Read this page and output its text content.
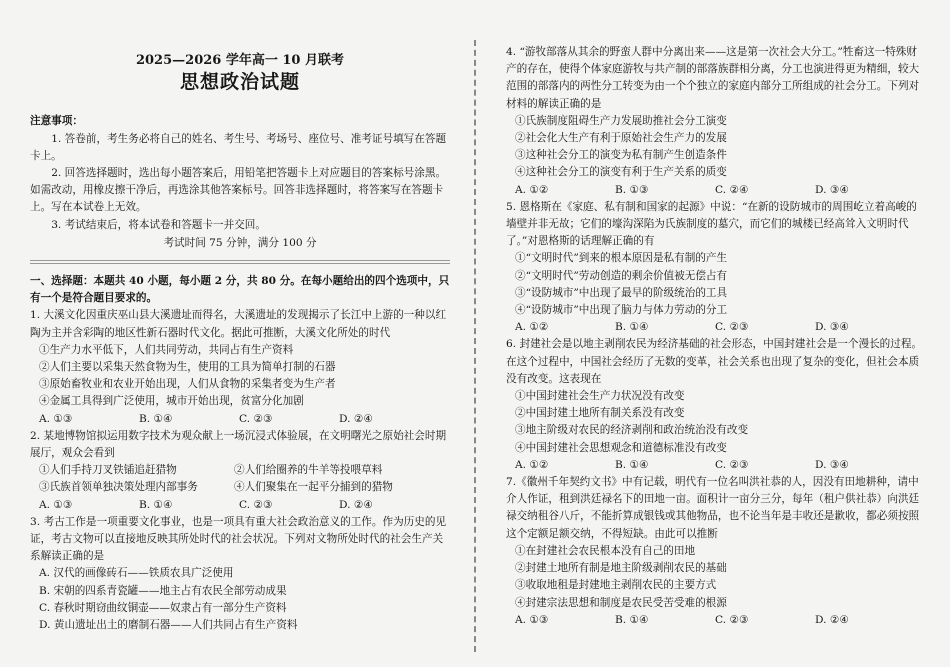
2025—2026 学年高一 10 月联考
思想政治试题
注意事项：

1. 答卷前，考生务必将自己的姓名、考生号、考场号、座位号、准考证号填写在答题卡上。

2. 回答选择题时，选出每小题答案后，用铅笔把答题卡上对应题目的答案标号涂黑。如需改动，用橡皮擦干净后，再选涂其他答案标号。回答非选择题时，将答案写在答题卡上。写在本试卷上无效。

3. 考试结束后，将本试卷和答题卡一并交回。

考试时间 75 分钟，满分 100 分

一、选择题：本题共 40 小题，每小题 2 分，共 80 分。在每小题给出的四个选项中，只有一个是符合题目要求的。

1. 大溪文化因重庆巫山县大溪遗址而得名，大溪遗址的发现揭示了长江中上游的一种以红陶为主并含彩陶的地区性新石器时代文化。据此可推断，大溪文化所处的时代

①生产力水平低下，人们共同劳动，共同占有生产资料

②人们主要以采集天然食物为生，使用的工具为简单打制的石器

③原始畜牧业和农业开始出现，人们从食物的采集者变为生产者

④金属工具得到广泛使用，城市开始出现，贫富分化加剧

A. ①③	B. ①④	C. ②③	D. ②④

2. 某地博物馆拟运用数字技术为观众献上一场沉浸式体验展，在文明曙光之原始社会时期展厅，观众会看到

①人们手持刀叉铁锸追赶猎物	②人们给圈养的牛羊等投喂草料
③氏族首领单独决策处理内部事务	④人们聚集在一起平分捕到的猎物
A. ①③	B. ①④	C. ②③	D. ②④

3. 考古工作是一项重要文化事业，也是一项具有重大社会政治意义的工作。作为历史的见证，考古文物可以直接地反映其所处时代的社会状况。下列对文物所处时代的社会生产关系解读正确的是

A. 汉代的画像砖石——铁质农具广泛使用

B. 宋朝的四系青瓷罐——地主占有农民全部劳动成果

C. 春秋时期窃曲纹铜壶——奴隶占有一部分生产资料

D. 黄山遗址出土的磨制石器——人们共同占有生产资料

4. “游牧部落从其余的野蛮人群中分离出来——这是第一次社会大分工。”牲畜这一特殊财产的存在，使得个体家庭游牧与共产制的部落族群相分离，分工也演进得更为精细，较大范围的部落内的两性分工转变为由一个个独立的家庭内部分工所组成的社会分工。下列对材料的解读正确的是

①氏族制度阻碍生产力发展助推社会分工演变

②社会化大生产有利于原始社会生产力的发展

③这种社会分工的演变为私有制产生创造条件

④这种社会分工的演变有利于生产关系的质变

A. ①②	B. ①③	C. ②④	D. ③④

5. 恩格斯在《家庭、私有制和国家的起源》中说：“在新的设防城市的周围屹立着高峻的墙壁并非无故；它们的壕沟深陷为氏族制度的墓穴，而它们的城楼已经高耸入文明时代了。”对恩格斯的话理解正确的有

①“文明时代”到来的根本原因是私有制的产生

②“文明时代”劳动创造的剩余价值被无偿占有

③“设防城市”中出现了最早的阶级统治的工具

④“设防城市”中出现了脑力与体力劳动的分工

A. ①②	B. ①④	C. ②③	D. ③④

6. 封建社会是以地主剥削农民为经济基础的社会形态，中国封建社会是一个漫长的过程。在这个过程中，中国社会经历了无数的变革，社会关系也出现了复杂的变化，但社会本质没有改变。这表现在

①中国封建社会生产力状况没有改变

②中国封建土地所有制关系没有改变

③地主阶级对农民的经济剥削和政治统治没有改变

④中国封建社会思想观念和道德标准没有改变

A. ①②	B. ①④	C. ②③	D. ③④

7.《徽州千年契约文书》中有记载，明代有一位名叫洪社恭的人，因没有田地耕种，请中介人作证，租到洪廷禄名下的田地一亩。面积计一亩分三分，每年（租户供社恭）向洪廷禄交纳租谷八斤，不能折算成银钱或其他物品，也不论当年是丰收还是歉收，都必须按照这个定额足额交纳，不得短缺。由此可以推断

①在封建社会农民根本没有自己的田地

②封建土地所有制是地主阶级剥削农民的基础

③收取地租是封建地主剥削农民的主要方式

④封建宗法思想和制度是农民受苦受难的根源

A. ①③	B. ①④	C. ②③	D. ②④
